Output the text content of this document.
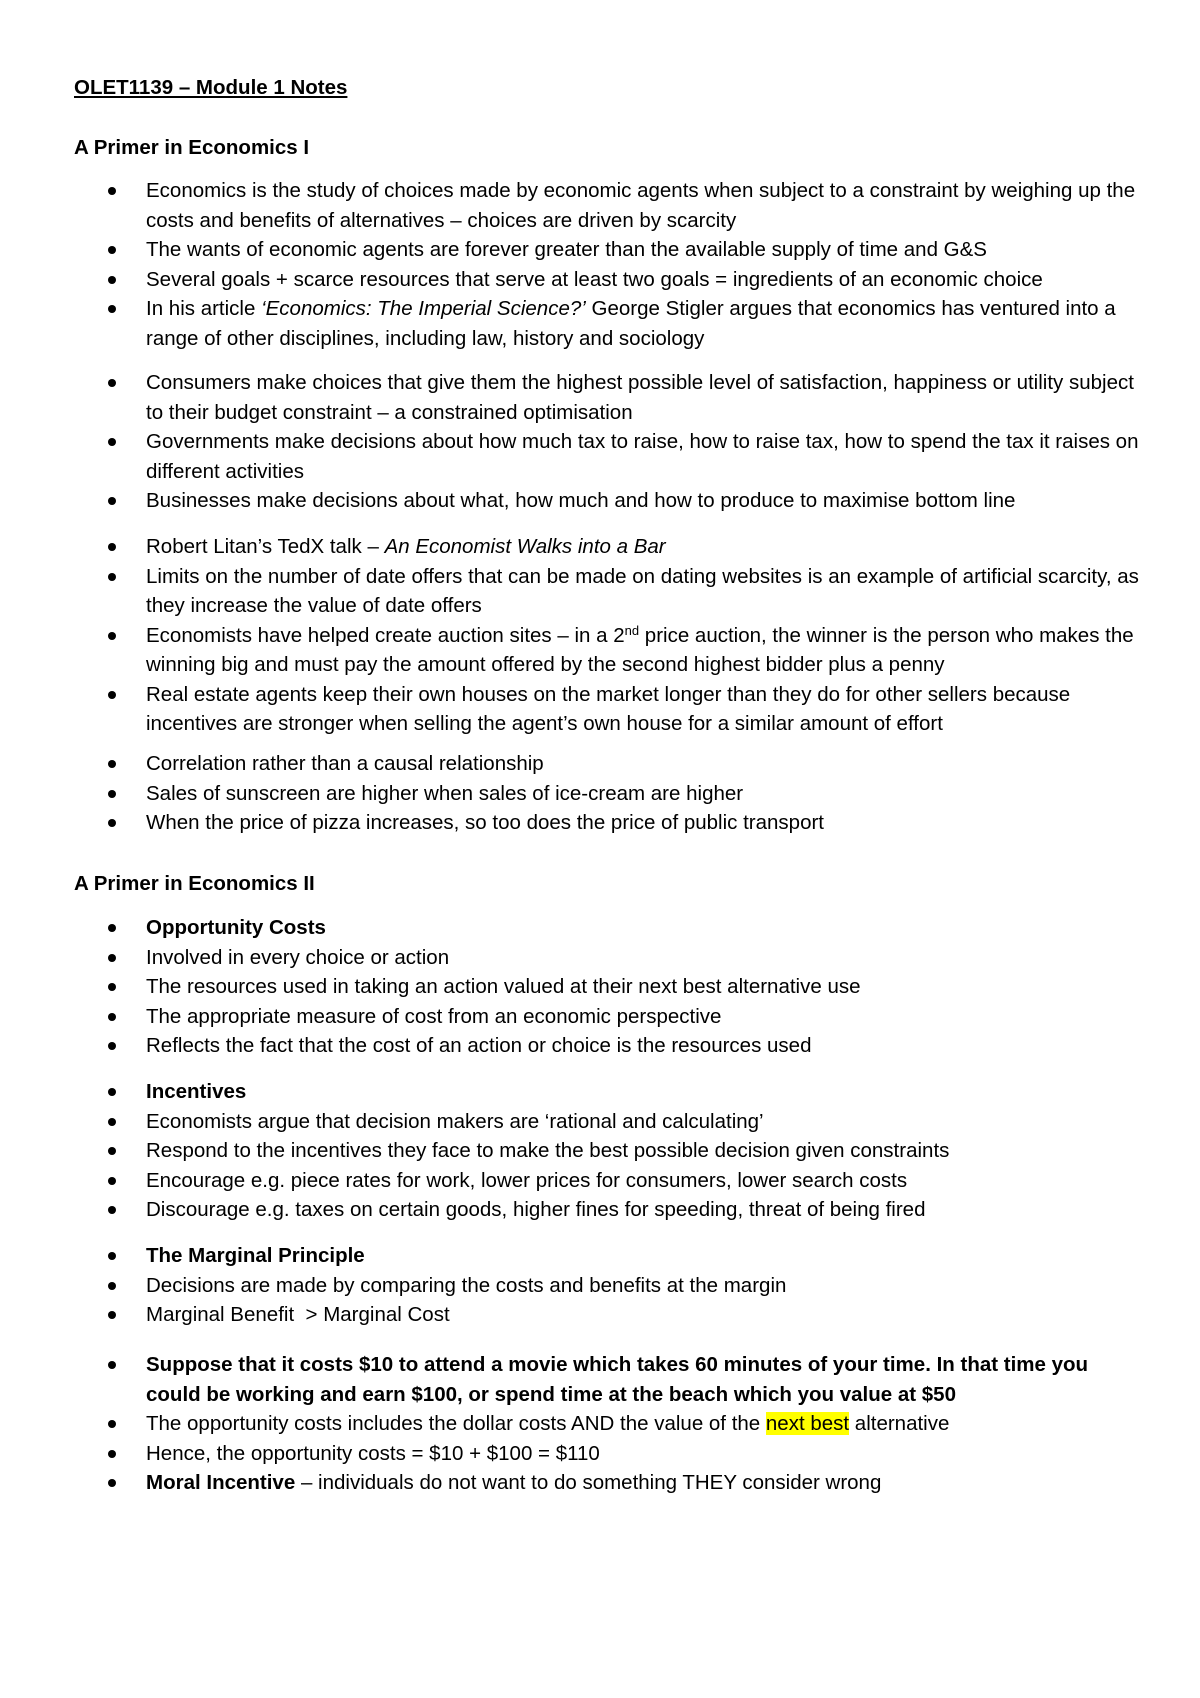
OLET1139 – Module 1 Notes
A Primer in Economics I
Economics is the study of choices made by economic agents when subject to a constraint by weighing up the costs and benefits of alternatives – choices are driven by scarcity
The wants of economic agents are forever greater than the available supply of time and G&S
Several goals + scarce resources that serve at least two goals = ingredients of an economic choice
In his article ‘Economics: The Imperial Science?’ George Stigler argues that economics has ventured into a range of other disciplines, including law, history and sociology
Consumers make choices that give them the highest possible level of satisfaction, happiness or utility subject to their budget constraint – a constrained optimisation
Governments make decisions about how much tax to raise, how to raise tax, how to spend the tax it raises on different activities
Businesses make decisions about what, how much and how to produce to maximise bottom line
Robert Litan’s TedX talk – An Economist Walks into a Bar
Limits on the number of date offers that can be made on dating websites is an example of artificial scarcity, as they increase the value of date offers
Economists have helped create auction sites – in a 2nd price auction, the winner is the person who makes the winning big and must pay the amount offered by the second highest bidder plus a penny
Real estate agents keep their own houses on the market longer than they do for other sellers because incentives are stronger when selling the agent’s own house for a similar amount of effort
Correlation rather than a causal relationship
Sales of sunscreen are higher when sales of ice-cream are higher
When the price of pizza increases, so too does the price of public transport
A Primer in Economics II
Opportunity Costs
Involved in every choice or action
The resources used in taking an action valued at their next best alternative use
The appropriate measure of cost from an economic perspective
Reflects the fact that the cost of an action or choice is the resources used
Incentives
Economists argue that decision makers are ‘rational and calculating’
Respond to the incentives they face to make the best possible decision given constraints
Encourage e.g. piece rates for work, lower prices for consumers, lower search costs
Discourage e.g. taxes on certain goods, higher fines for speeding, threat of being fired
The Marginal Principle
Decisions are made by comparing the costs and benefits at the margin
Marginal Benefit  > Marginal Cost
Suppose that it costs $10 to attend a movie which takes 60 minutes of your time. In that time you could be working and earn $100, or spend time at the beach which you value at $50
The opportunity costs includes the dollar costs AND the value of the next best alternative
Hence, the opportunity costs = $10 + $100 = $110
Moral Incentive – individuals do not want to do something THEY consider wrong
